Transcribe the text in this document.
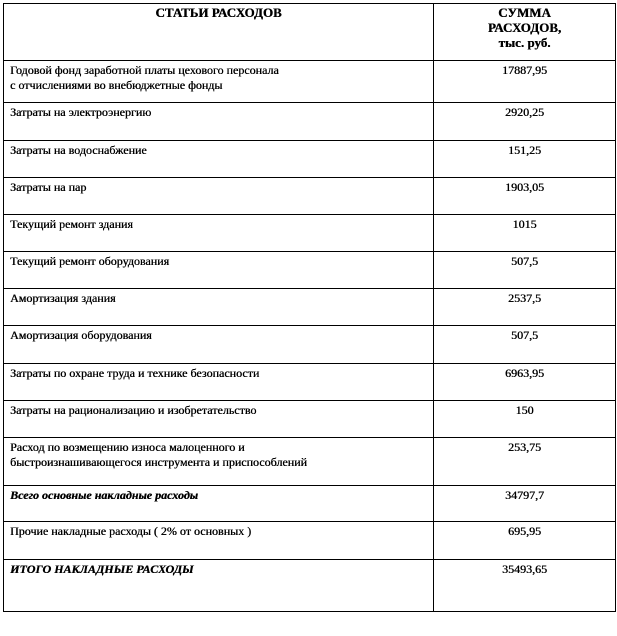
СТАТЬИ РАСХОДОВ	СУММА
РАСХОДОВ,
тыс. руб.

Годовой фонд заработной платы цехового персонала
с отчислениями во внебюджетные фонды	17887,95

Затраты на электроэнергию	2920,25

Затраты на водоснабжение	151,25

Затраты на пар	1903,05

Текущий ремонт здания	1015

Текущий ремонт оборудования	507,5

Амортизация здания	2537,5

Амортизация оборудования	507,5

Затраты по охране труда и технике безопасности	6963,95

Затраты на рационализацию и изобретательство	150

Расход по возмещению износа малоценного и
быстроизнашивающегося инструмента и приспособлений	253,75

Всего основные накладные расходы	34797,7

Прочие накладные расходы ( 2% от основных )	695,95

ИТОГО НАКЛАДНЫЕ РАСХОДЫ	35493,65
